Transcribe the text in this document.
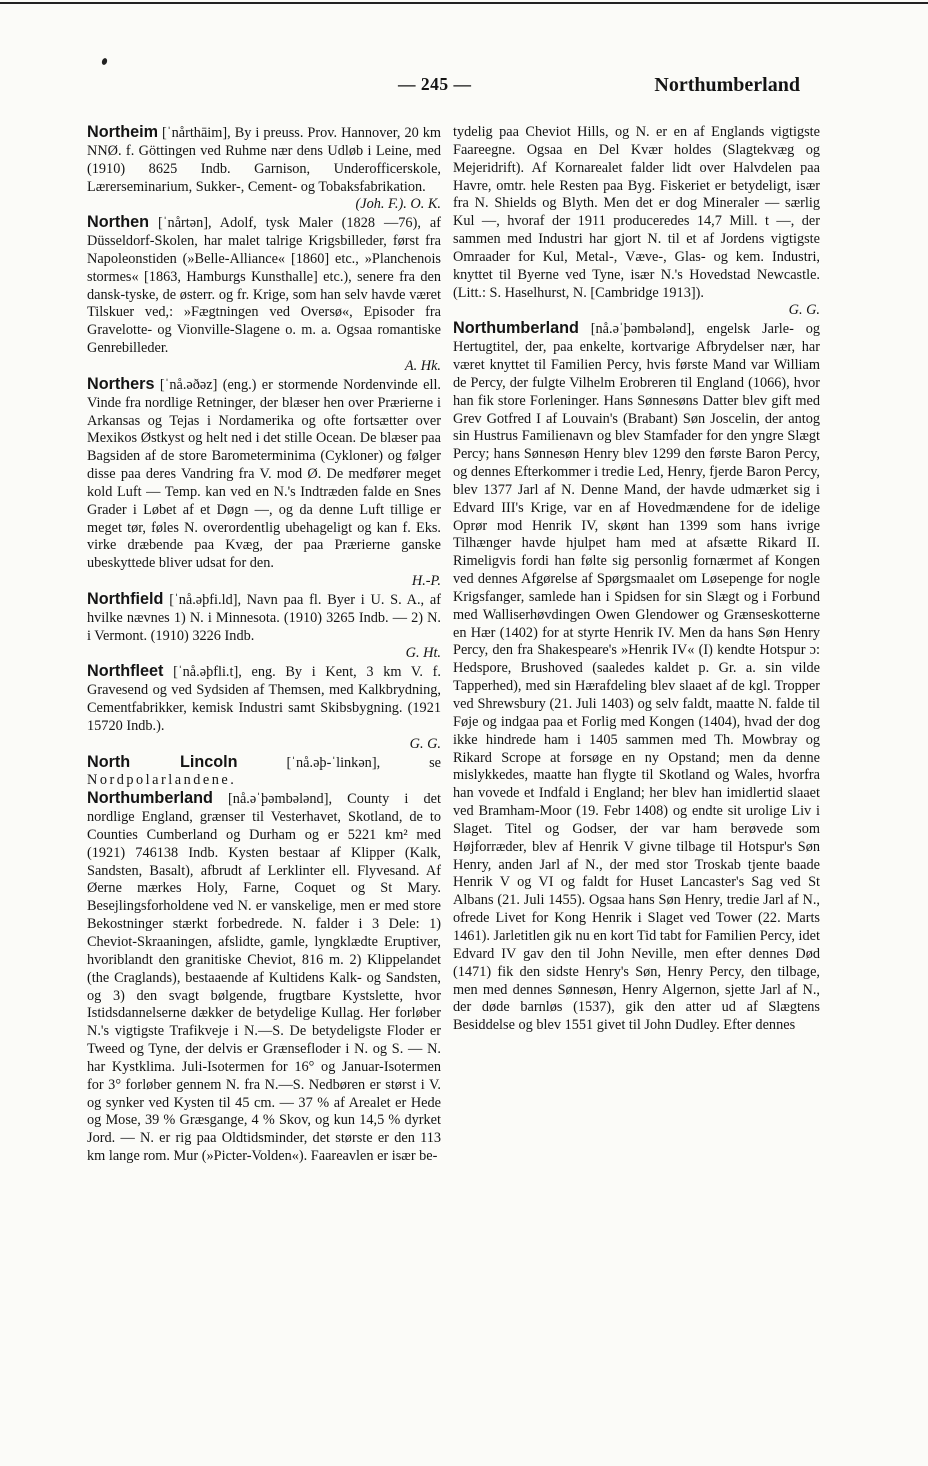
— 245 —	Northumberland

Northeim [ˈnårthāim], By i preuss. Prov. Hannover, 20 km NNØ. f. Göttingen ved Ruhme nær dens Udløb i Leine, med (1910) 8625 Indb. Garnison, Underofficerskole, Lærerseminarium, Sukker-, Cement- og Tobaksfabrikation.
(Joh. F.). O. K.

Northen [ˈnårtən], Adolf, tysk Maler (1828 —76), af Düsseldorf-Skolen, har malet talrige Krigsbilleder, først fra Napoleonstiden (»Belle-Alliance« [1860] etc., »Planchenois stormes« [1863, Hamburgs Kunsthalle] etc.), senere fra den dansk-tyske, de østerr. og fr. Krige, som han selv havde været Tilskuer ved,: »Fægtningen ved Oversø«, Episoder fra Gravelotte- og Vionville-Slagene o. m. a. Ogsaa romantiske Genrebilleder.
A. Hk.

Northers [ˈnå.əðəz] (eng.) er stormende Nordenvinde ell. Vinde fra nordlige Retninger, der blæser hen over Prærierne i Arkansas og Tejas i Nordamerika og ofte fortsætter over Mexikos Østkyst og helt ned i det stille Ocean. De blæser paa Bagsiden af de store Barometerminima (Cykloner) og følger disse paa deres Vandring fra V. mod Ø. De medfører meget kold Luft — Temp. kan ved en N.'s Indtræden falde en Snes Grader i Løbet af et Døgn —, og da denne Luft tillige er meget tør, føles N. overordentlig ubehageligt og kan f. Eks. virke dræbende paa Kvæg, der paa Prærierne ganske ubeskyttede bliver udsat for den.
H.-P.

Northfield [ˈnå.əþfi.ld], Navn paa fl. Byer i U. S. A., af hvilke nævnes 1) N. i Minnesota. (1910) 3265 Indb. — 2) N. i Vermont. (1910) 3226 Indb.
G. Ht.

Northfleet [ˈnå.əþfli.t], eng. By i Kent, 3 km V. f. Gravesend og ved Sydsiden af Themsen, med Kalkbrydning, Cementfabrikker, kemisk Industri samt Skibsbygning. (1921 15720 Indb.).
G. G.

North Lincoln [ˈnå.əþ-ˈlinkən], se Nordpolarlandene.

Northumberland [nå.əˈþəmbələnd], County i det nordlige England, grænser til Vesterhavet, Skotland, de to Counties Cumberland og Durham og er 5221 km² med (1921) 746138 Indb. Kysten bestaar af Klipper (Kalk, Sandsten, Basalt), afbrudt af Lerklinter ell. Flyvesand. Af Øerne mærkes Holy, Farne, Coquet og St Mary. Besejlingsforholdene ved N. er vanskelige, men er med store Bekostninger stærkt forbedrede. N. falder i 3 Dele: 1) Cheviot-Skraaningen, afslidte, gamle, lyngklædte Eruptiver, hvoriblandt den granitiske Cheviot, 816 m. 2) Klippelandet (the Craglands), bestaaende af Kultidens Kalk- og Sandsten, og 3) den svagt bølgende, frugtbare Kystslette, hvor Istidsdannelserne dækker de betydelige Kullag. Her forløber N.'s vigtigste Trafikveje i N.—S. De betydeligste Floder er Tweed og Tyne, der delvis er Grænsefloder i N. og S. — N. har Kystklima. Juli-Isotermen for 16° og Januar-Isotermen for 3° forløber gennem N. fra N.—S. Nedbøren er størst i V. og synker ved Kysten til 45 cm. — 37 % af Arealet er Hede og Mose, 39 % Græsgange, 4 % Skov, og kun 14,5 % dyrket Jord. — N. er rig paa Oldtidsminder, det største er den 113 km lange rom. Mur (»Picter-Volden«). Faareavlen er især be-

tydelig paa Cheviot Hills, og N. er en af Englands vigtigste Faareegne. Ogsaa en Del Kvær holdes (Slagtekvæg og Mejeridrift). Af Kornarealet falder lidt over Halvdelen paa Havre, omtr. hele Resten paa Byg. Fiskeriet er betydeligt, især fra N. Shields og Blyth. Men det er dog Mineraler — særlig Kul —, hvoraf der 1911 produceredes 14,7 Mill. t —, der sammen med Industri har gjort N. til et af Jordens vigtigste Omraader for Kul, Metal-, Væve-, Glas- og kem. Industri, knyttet til Byerne ved Tyne, især N.'s Hovedstad Newcastle. (Litt.: S. Haselhurst, N. [Cambridge 1913]).
G. G.

Northumberland [nå.əˈþəmbələnd], engelsk Jarle- og Hertugtitel, der, paa enkelte, kortvarige Afbrydelser nær, har været knyttet til Familien Percy, hvis første Mand var William de Percy, der fulgte Vilhelm Erobreren til England (1066), hvor han fik store Forleninger. Hans Sønnesøns Datter blev gift med Grev Gotfred I af Louvain's (Brabant) Søn Joscelin, der antog sin Hustrus Familienavn og blev Stamfader for den yngre Slægt Percy; hans Sønnesøn Henry blev 1299 den første Baron Percy, og dennes Efterkommer i tredie Led, Henry, fjerde Baron Percy, blev 1377 Jarl af N. Denne Mand, der havde udmærket sig i Edvard III's Krige, var en af Hovedmændene for de idelige Oprør mod Henrik IV, skønt han 1399 som hans ivrige Tilhænger havde hjulpet ham med at afsætte Rikard II. Rimeligvis fordi han følte sig personlig fornærmet af Kongen ved dennes Afgørelse af Spørgsmaalet om Løsepenge for nogle Krigsfanger, samlede han i Spidsen for sin Slægt og i Forbund med Walliserhøvdingen Owen Glendower og Grænseskotterne en Hær (1402) for at styrte Henrik IV. Men da hans Søn Henry Percy, den fra Shakespeare's »Henrik IV« (I) kendte Hotspur ɔ: Hedspore, Brushoved (saaledes kaldet p. Gr. a. sin vilde Tapperhed), med sin Hærafdeling blev slaaet af de kgl. Tropper ved Shrewsbury (21. Juli 1403) og selv faldt, maatte N. falde til Føje og indgaa paa et Forlig med Kongen (1404), hvad der dog ikke hindrede ham i 1405 sammen med Th. Mowbray og Rikard Scrope at forsøge en ny Opstand; men da denne mislykkedes, maatte han flygte til Skotland og Wales, hvorfra han vovede et Indfald i England; her blev han imidlertid slaaet ved Bramham-Moor (19. Febr 1408) og endte sit urolige Liv i Slaget. Titel og Godser, der var ham berøvede som Højforræder, blev af Henrik V givne tilbage til Hotspur's Søn Henry, anden Jarl af N., der med stor Troskab tjente baade Henrik V og VI og faldt for Huset Lancaster's Sag ved St Albans (21. Juli 1455). Ogsaa hans Søn Henry, tredie Jarl af N., ofrede Livet for Kong Henrik i Slaget ved Tower (22. Marts 1461). Jarletitlen gik nu en kort Tid tabt for Familien Percy, idet Edvard IV gav den til John Neville, men efter dennes Død (1471) fik den sidste Henry's Søn, Henry Percy, den tilbage, men med dennes Sønnesøn, Henry Algernon, sjette Jarl af N., der døde barnløs (1537), gik den atter ud af Slægtens Besiddelse og blev 1551 givet til John Dudley. Efter dennes
